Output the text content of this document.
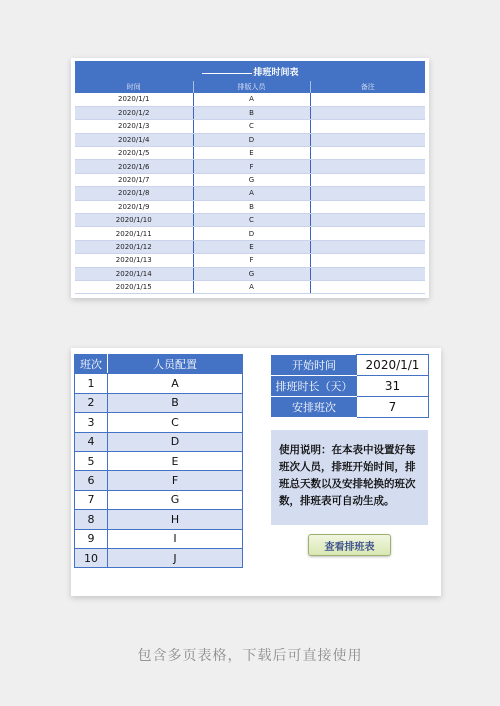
排班时间表		
时间	排版人员	备注
2020/1/1	A	
2020/1/2	B	
2020/1/3	C	
2020/1/4	D	
2020/1/5	E	
2020/1/6	F	
2020/1/7	G	
2020/1/8	A	
2020/1/9	B	
2020/1/10	C	
2020/1/11	D	
2020/1/12	E	
2020/1/13	F	
2020/1/14	G	
2020/1/15	A	
班次	人员配置
1	A
2	B
3	C
4	D
5	E
6	F
7	G
8	H
9	I
10	J
开始时间	2020/1/1
排班时长（天）	31
安排班次	7
使用说明：在本表中设置好每班次人员，排班开始时间，排班总天数以及安排轮换的班次数，排班表可自动生成。
查看排班表
包含多页表格，下载后可直接使用
